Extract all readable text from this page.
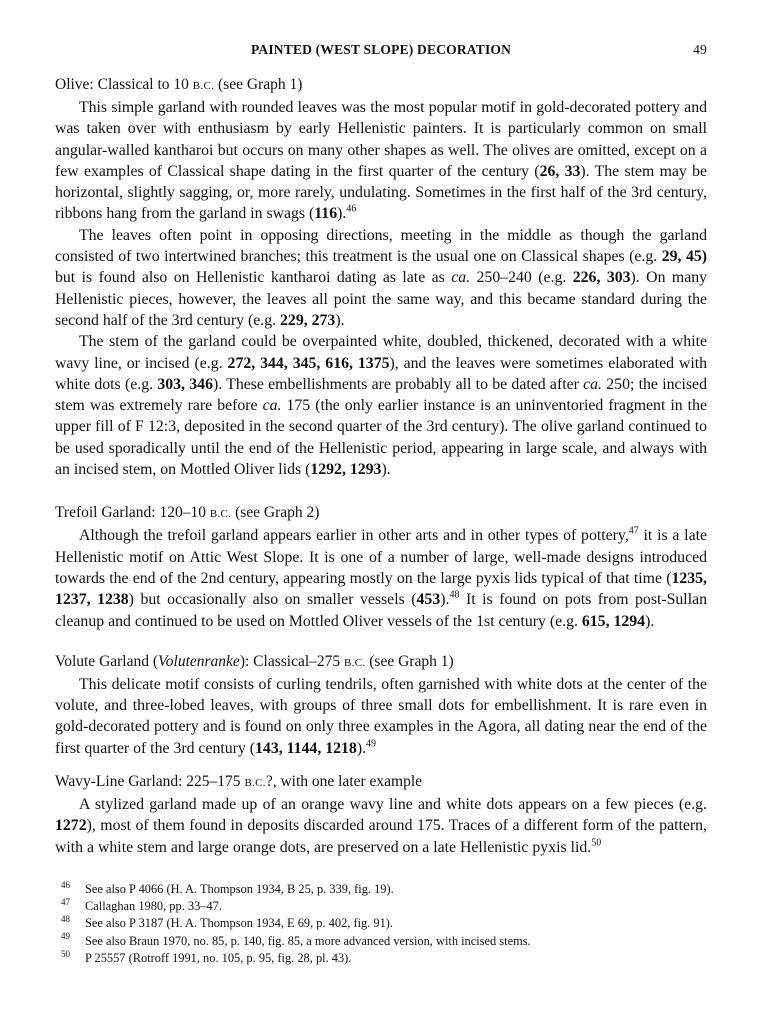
PAINTED (WEST SLOPE) DECORATION	49

Olive: Classical to 10 B.C. (see Graph 1)

This simple garland with rounded leaves was the most popular motif in gold-decorated pottery and was taken over with enthusiasm by early Hellenistic painters. It is particularly common on small angular-walled kantharoi but occurs on many other shapes as well. The olives are omitted, except on a few examples of Classical shape dating in the first quarter of the century (26, 33). The stem may be horizontal, slightly sagging, or, more rarely, undulating. Sometimes in the first half of the 3rd century, ribbons hang from the garland in swags (116).$^{46}$

The leaves often point in opposing directions, meeting in the middle as though the garland consisted of two intertwined branches; this treatment is the usual one on Classical shapes (e.g. 29, 45) but is found also on Hellenistic kantharoi dating as late as ca. 250–240 (e.g. 226, 303). On many Hellenistic pieces, however, the leaves all point the same way, and this became standard during the second half of the 3rd century (e.g. 229, 273).

The stem of the garland could be overpainted white, doubled, thickened, decorated with a white wavy line, or incised (e.g. 272, 344, 345, 616, 1375), and the leaves were sometimes elaborated with white dots (e.g. 303, 346). These embellishments are probably all to be dated after ca. 250; the incised stem was extremely rare before ca. 175 (the only earlier instance is an uninventoried fragment in the upper fill of F 12:3, deposited in the second quarter of the 3rd century). The olive garland continued to be used sporadically until the end of the Hellenistic period, appearing in large scale, and always with an incised stem, on Mottled Oliver lids (1292, 1293).

Trefoil Garland: 120–10 B.C. (see Graph 2)

Although the trefoil garland appears earlier in other arts and in other types of pottery,$^{47}$ it is a late Hellenistic motif on Attic West Slope. It is one of a number of large, well-made designs introduced towards the end of the 2nd century, appearing mostly on the large pyxis lids typical of that time (1235, 1237, 1238) but occasionally also on smaller vessels (453).$^{48}$ It is found on pots from post-Sullan cleanup and continued to be used on Mottled Oliver vessels of the 1st century (e.g. 615, 1294).

Volute Garland (Volutenranke): Classical–275 B.C. (see Graph 1)

This delicate motif consists of curling tendrils, often garnished with white dots at the center of the volute, and three-lobed leaves, with groups of three small dots for embellishment. It is rare even in gold-decorated pottery and is found on only three examples in the Agora, all dating near the end of the first quarter of the 3rd century (143, 1144, 1218).$^{49}$

Wavy-Line Garland: 225–175 B.C.?, with one later example

A stylized garland made up of an orange wavy line and white dots appears on a few pieces (e.g. 1272), most of them found in deposits discarded around 175. Traces of a different form of the pattern, with a white stem and large orange dots, are preserved on a late Hellenistic pyxis lid.$^{50}$

46 See also P 4066 (H. A. Thompson 1934, B 25, p. 339, fig. 19).
47 Callaghan 1980, pp. 33–47.
48 See also P 3187 (H. A. Thompson 1934, E 69, p. 402, fig. 91).
49 See also Braun 1970, no. 85, p. 140, fig. 85, a more advanced version, with incised stems.
50 P 25557 (Rotroff 1991, no. 105, p. 95, fig. 28, pl. 43).
